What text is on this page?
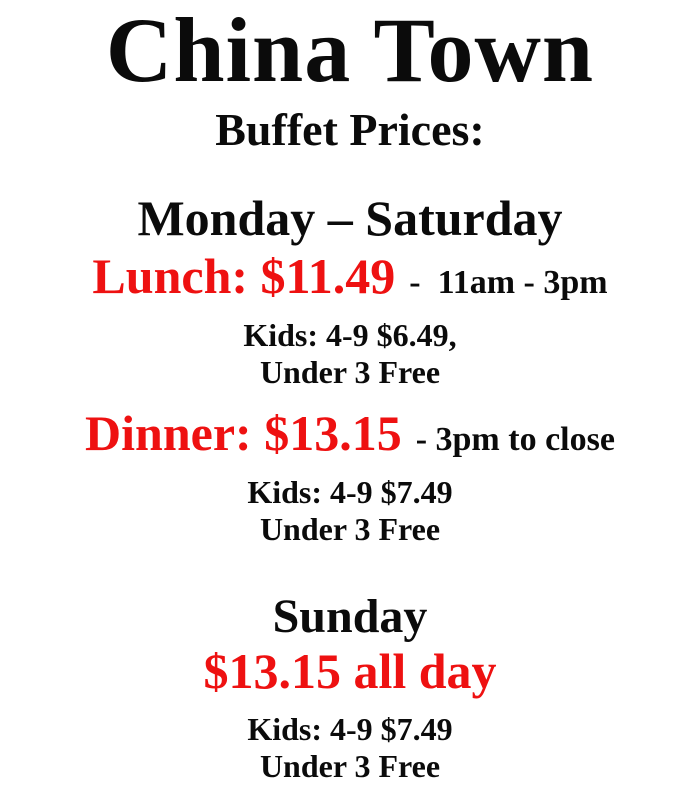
China Town
Buffet Prices:
Monday – Saturday
Lunch: $11.49 -  11am - 3pm
Kids: 4-9 $6.49,
Under 3 Free
Dinner: $13.15 - 3pm to close
Kids: 4-9 $7.49
Under 3 Free
Sunday
$13.15 all day
Kids: 4-9 $7.49
Under 3 Free
